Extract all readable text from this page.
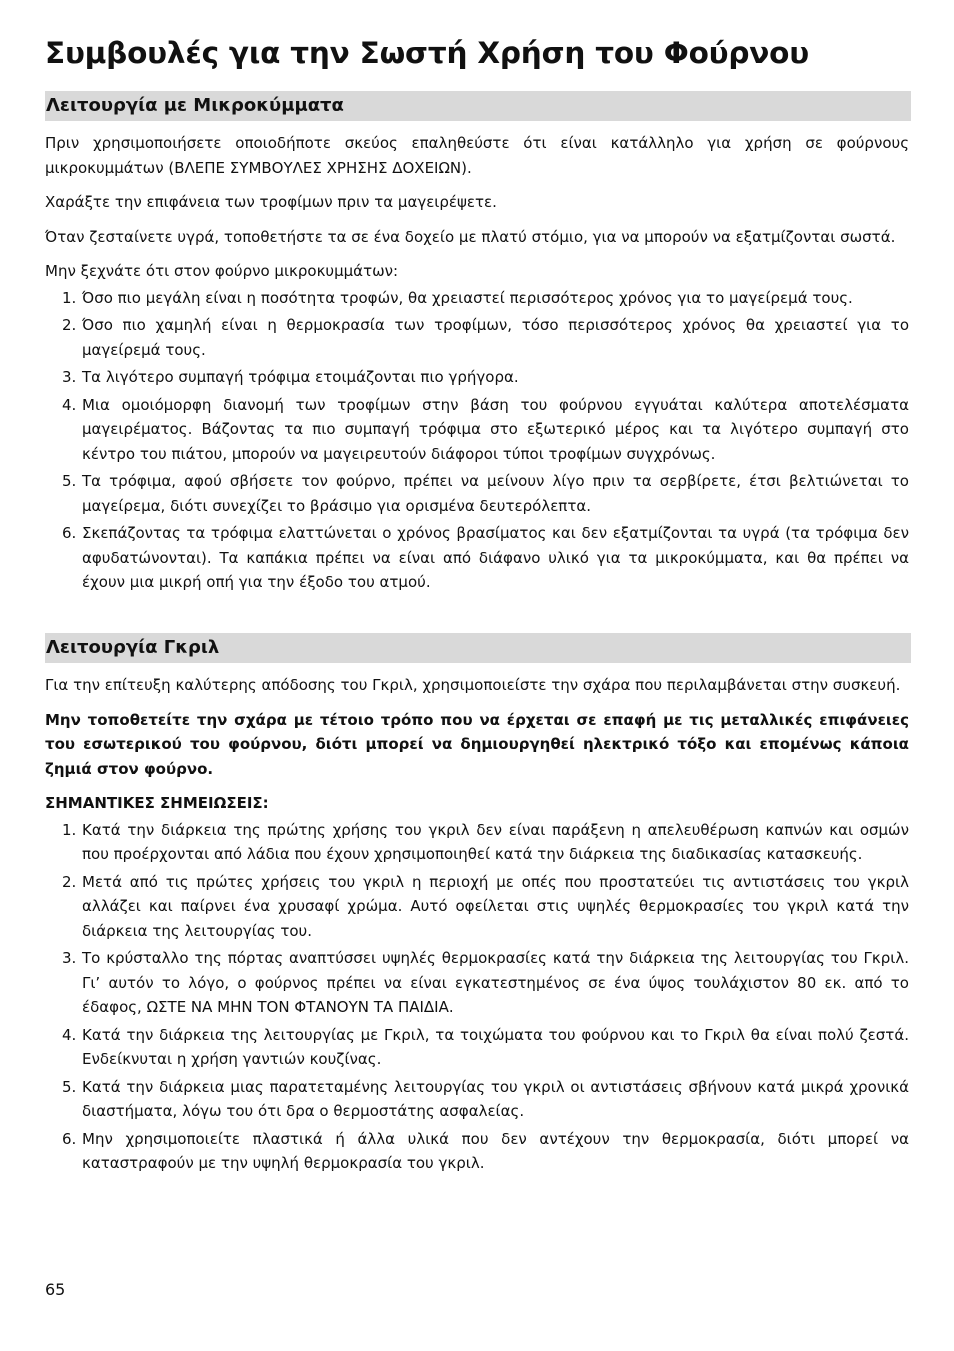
Συμβουλές για την Σωστή Χρήση του Φούρνου
Λειτουργία με Μικροκύμματα

Πριν χρησιμοποιήσετε οποιοδήποτε σκεύος επαληθεύστε ότι είναι κατάλληλο για χρήση σε φούρνους μικροκυμμάτων (ΒΛΕΠΕ ΣΥΜΒΟΥΛΕΣ ΧΡΗΣΗΣ ΔΟΧΕΙΩΝ).

Χαράξτε την επιφάνεια των τροφίμων πριν τα μαγειρέψετε.

Όταν ζεσταίνετε υγρά, τοποθετήστε τα σε ένα δοχείο με πλατύ στόμιο, για να μπορούν να εξατμίζονται σωστά.

Μην ξεχνάτε ότι στον φούρνο μικροκυμμάτων:

1. Όσο πιο μεγάλη είναι η ποσότητα τροφών, θα χρειαστεί περισσότερος χρόνος για το μαγείρεμά τους.
2. Όσο πιο χαμηλή είναι η θερμοκρασία των τροφίμων, τόσο περισσότερος χρόνος θα χρειαστεί για το μαγείρεμά τους.
3. Τα λιγότερο συμπαγή τρόφιμα ετοιμάζονται πιο γρήγορα.
4. Μια ομοιόμορφη διανομή των τροφίμων στην βάση του φούρνου εγγυάται καλύτερα αποτελέσματα μαγειρέματος. Βάζοντας τα πιο συμπαγή τρόφιμα στο εξωτερικό μέρος και τα λιγότερο συμπαγή στο κέντρο του πιάτου, μπορούν να μαγειρευτούν διάφοροι τύποι τροφίμων συγχρόνως.
5. Τα τρόφιμα, αφού σβήσετε τον φούρνο, πρέπει να μείνουν λίγο πριν τα σερβίρετε, έτσι βελτιώνεται το μαγείρεμα, διότι συνεχίζει το βράσιμο για ορισμένα δευτερόλεπτα.
6. Σκεπάζοντας τα τρόφιμα ελαττώνεται ο χρόνος βρασίματος και δεν εξατμίζονται τα υγρά (τα τρόφιμα δεν αφυδατώνονται). Τα καπάκια πρέπει να είναι από διάφανο υλικό για τα μικροκύμματα, και θα πρέπει να έχουν μια μικρή οπή για την έξοδο του ατμού.
Λειτουργία Γκριλ

Για την επίτευξη καλύτερης απόδοσης του Γκριλ, χρησιμοποιείστε την σχάρα που περιλαμβάνεται στην συσκευή.

Μην τοποθετείτε την σχάρα με τέτοιο τρόπο που να έρχεται σε επαφή με τις μεταλλικές επιφάνειες του εσωτερικού του φούρνου, διότι μπορεί να δημιουργηθεί ηλεκτρικό τόξο και επομένως κάποια ζημιά στον φούρνο.

ΣΗΜΑΝΤΙΚΕΣ ΣΗΜΕΙΩΣΕΙΣ:

1. Κατά την διάρκεια της πρώτης χρήσης του γκριλ δεν είναι παράξενη η απελευθέρωση καπνών και οσμών που προέρχονται από λάδια που έχουν χρησιμοποιηθεί κατά την διάρκεια της διαδικασίας κατασκευής.
2. Μετά από τις πρώτες χρήσεις του γκριλ η περιοχή με οπές που προστατεύει τις αντιστάσεις του γκριλ αλλάζει και παίρνει ένα χρυσαφί χρώμα. Αυτό οφείλεται στις υψηλές θερμοκρασίες του γκριλ κατά την διάρκεια της λειτουργίας του.
3. Το κρύσταλλο της πόρτας αναπτύσσει υψηλές θερμοκρασίες κατά την διάρκεια της λειτουργίας του Γκριλ. Γι’ αυτόν το λόγο, ο φούρνος πρέπει να είναι εγκατεστημένος σε ένα ύψος τουλάχιστον 80 εκ. από το έδαφος, ΩΣΤΕ ΝΑ ΜΗΝ ΤΟΝ ΦΤΑΝΟΥΝ ΤΑ ΠΑΙΔΙΑ.
4. Κατά την διάρκεια της λειτουργίας με Γκριλ, τα τοιχώματα του φούρνου και το Γκριλ θα είναι πολύ ζεστά. Ενδείκνυται η χρήση γαντιών κουζίνας.
5. Κατά την διάρκεια μιας παρατεταμένης λειτουργίας του γκριλ οι αντιστάσεις σβήνουν κατά μικρά χρονικά διαστήματα, λόγω του ότι δρα ο θερμοστάτης ασφαλείας.
6. Μην χρησιμοποιείτε πλαστικά ή άλλα υλικά που δεν αντέχουν την θερμοκρασία, διότι μπορεί να καταστραφούν με την υψηλή θερμοκρασία του γκριλ.
65
